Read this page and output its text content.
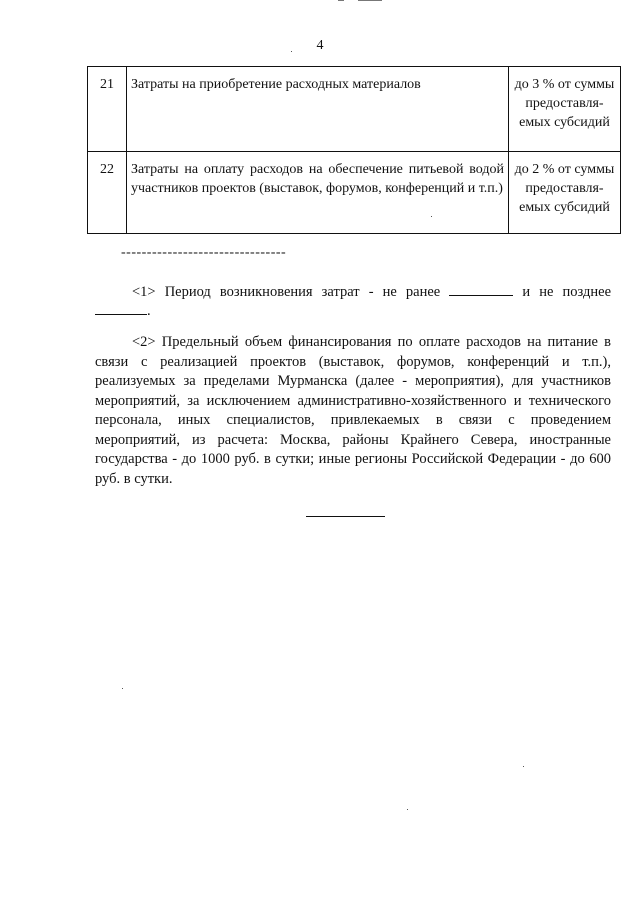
4
21	Затраты на приобретение расходных материалов	до 3 % от суммы предоставля-емых субсидий
22	Затраты на оплату расходов на обеспечение питьевой водой участников проектов (выставок, форумов, конференций и т.п.)	до 2 % от суммы предоставля-емых субсидий
--------------------------------
<1> Период возникновения затрат - не ранее	и не позднее
.
<2> Предельный объем финансирования по оплате расходов на питание в связи с реализацией проектов (выставок, форумов, конференций и т.п.), реализуемых за пределами Мурманска (далее - мероприятия), для участников мероприятий, за исключением административно-хозяйственного и технического персонала, иных специалистов, привлекаемых в связи с проведением мероприятий, из расчета: Москва, районы Крайнего Севера, иностранные государства - до 1000 руб. в сутки; иные регионы Российской Федерации - до 600 руб. в сутки.
